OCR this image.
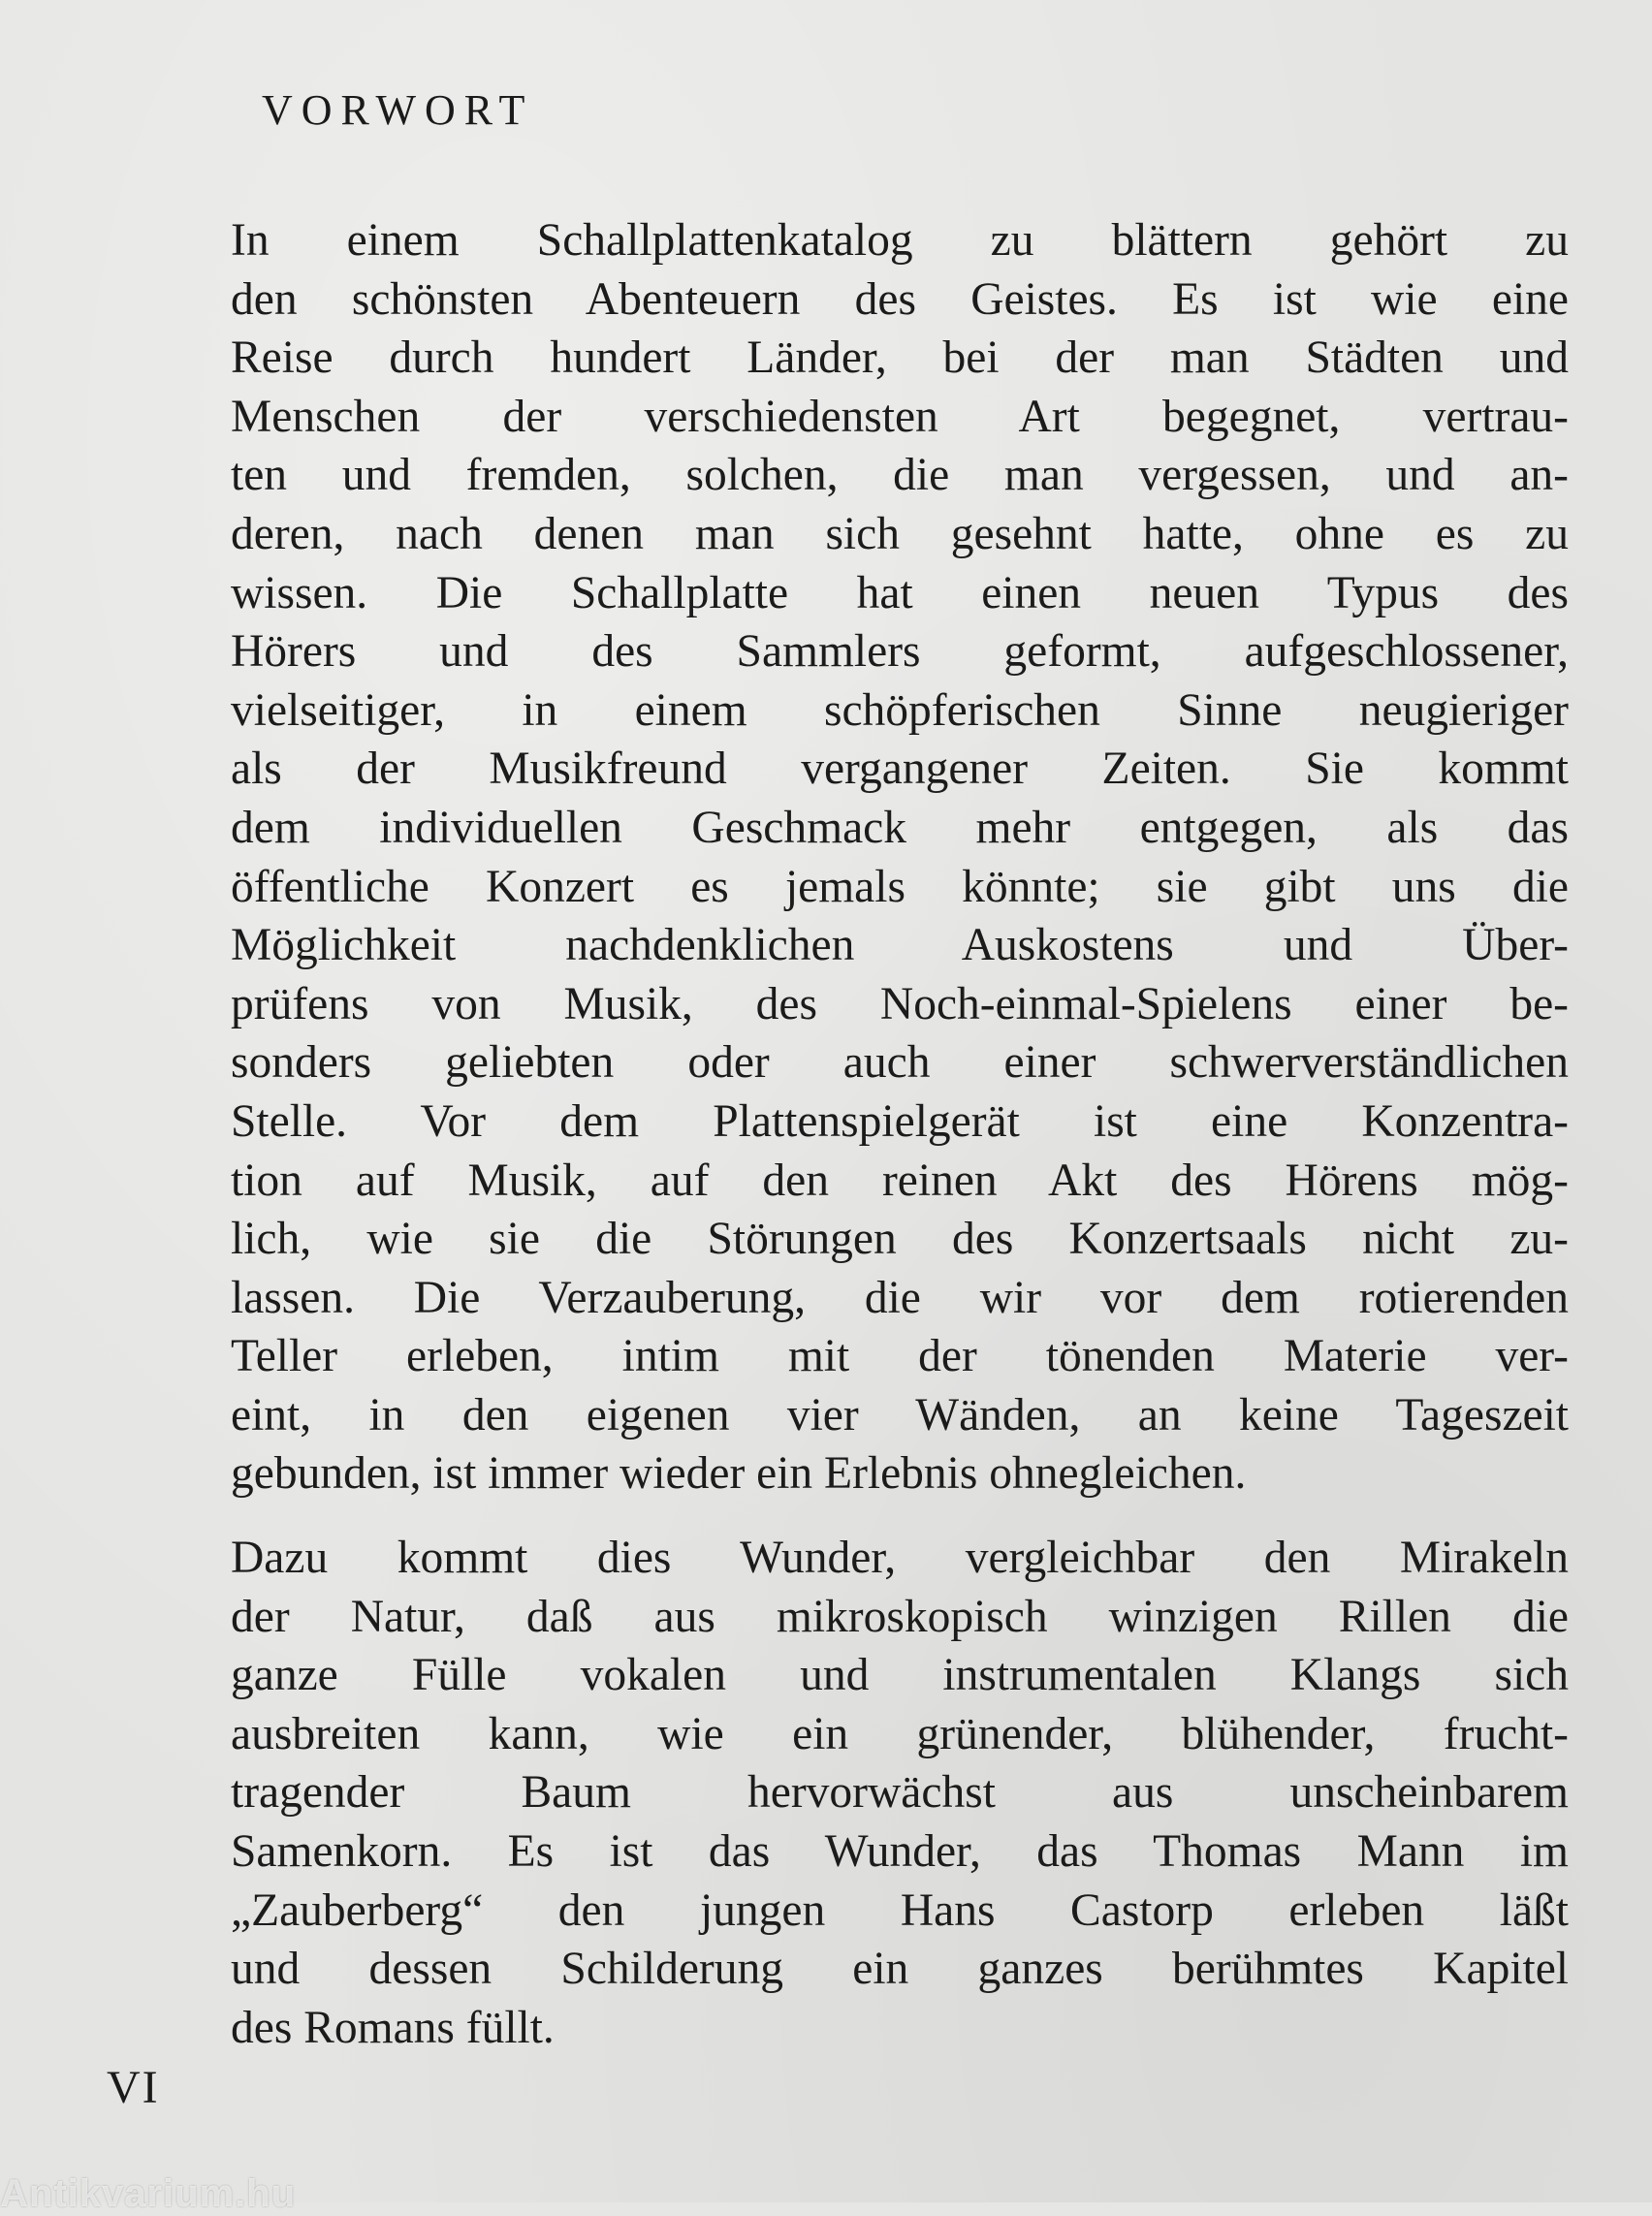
VORWORT

In einem Schallplattenkatalog zu blättern gehört zu
den schönsten Abenteuern des Geistes. Es ist wie eine
Reise durch hundert Länder, bei der man Städten und
Menschen der verschiedensten Art begegnet, vertrau-
ten und fremden, solchen, die man vergessen, und an-
deren, nach denen man sich gesehnt hatte, ohne es zu
wissen. Die Schallplatte hat einen neuen Typus des
Hörers und des Sammlers geformt, aufgeschlossener,
vielseitiger, in einem schöpferischen Sinne neugieriger
als der Musikfreund vergangener Zeiten. Sie kommt
dem individuellen Geschmack mehr entgegen, als das
öffentliche Konzert es jemals könnte; sie gibt uns die
Möglichkeit nachdenklichen Auskostens und Über-
prüfens von Musik, des Noch-einmal-Spielens einer be-
sonders geliebten oder auch einer schwerverständlichen
Stelle. Vor dem Plattenspielgerät ist eine Konzentra-
tion auf Musik, auf den reinen Akt des Hörens mög-
lich, wie sie die Störungen des Konzertsaals nicht zu-
lassen. Die Verzauberung, die wir vor dem rotierenden
Teller erleben, intim mit der tönenden Materie ver-
eint, in den eigenen vier Wänden, an keine Tageszeit
gebunden, ist immer wieder ein Erlebnis ohnegleichen.

Dazu kommt dies Wunder, vergleichbar den Mirakeln
der Natur, daß aus mikroskopisch winzigen Rillen die
ganze Fülle vokalen und instrumentalen Klangs sich
ausbreiten kann, wie ein grünender, blühender, frucht-
tragender Baum hervorwächst aus unscheinbarem
Samenkorn. Es ist das Wunder, das Thomas Mann im
„Zauberberg“ den jungen Hans Castorp erleben läßt
und dessen Schilderung ein ganzes berühmtes Kapitel
des Romans füllt.

VI

Antikvarium.hu
